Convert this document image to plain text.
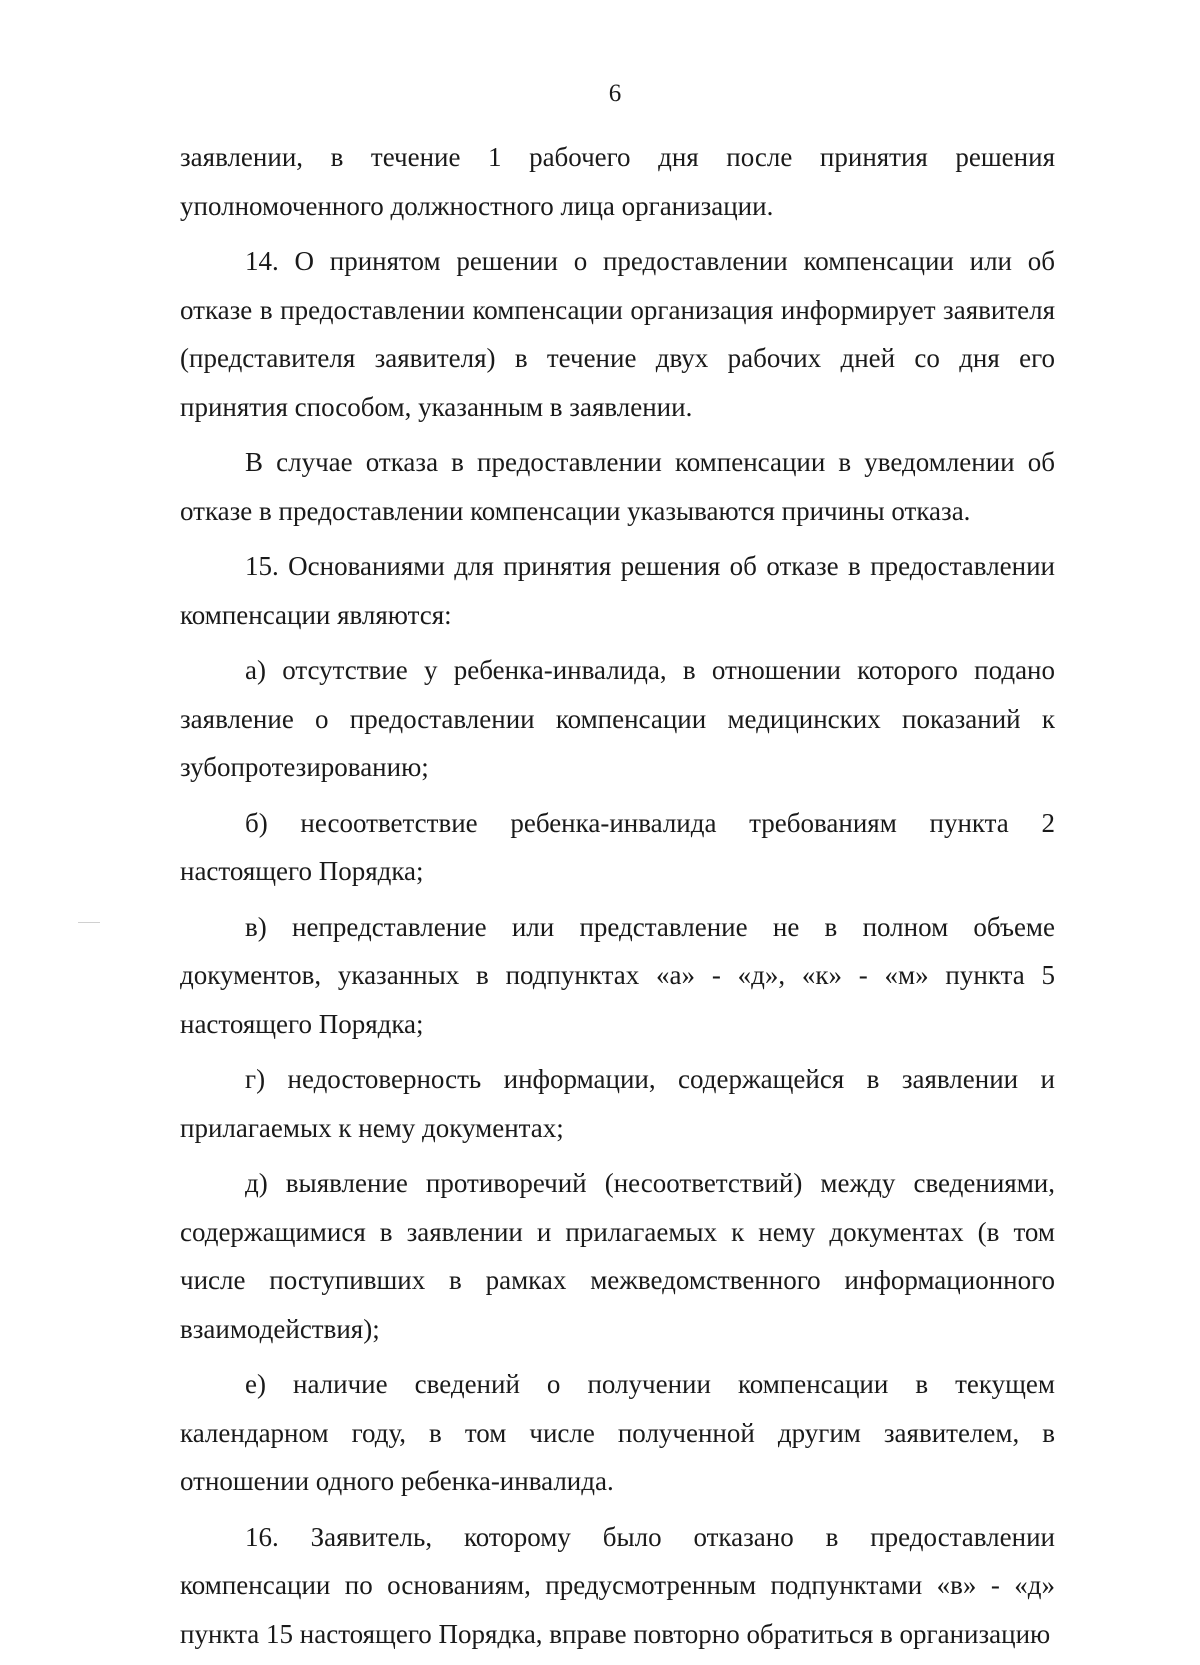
6

заявлении, в течение 1 рабочего дня после принятия решения уполномоченного должностного лица организации.

14. О принятом решении о предоставлении компенсации или об отказе в предоставлении компенсации организация информирует заявителя (представителя заявителя) в течение двух рабочих дней со дня его принятия способом, указанным в заявлении.

В случае отказа в предоставлении компенсации в уведомлении об отказе в предоставлении компенсации указываются причины отказа.

15. Основаниями для принятия решения об отказе в предоставлении компенсации являются:

а) отсутствие у ребенка-инвалида, в отношении которого подано заявление о предоставлении компенсации медицинских показаний к зубопротезированию;

б) несоответствие ребенка-инвалида требованиям пункта 2 настоящего Порядка;

в) непредставление или представление не в полном объеме документов, указанных в подпунктах «а» - «д», «к» - «м» пункта 5 настоящего Порядка;

г) недостоверность информации, содержащейся в заявлении и прилагаемых к нему документах;

д) выявление противоречий (несоответствий) между сведениями, содержащимися в заявлении и прилагаемых к нему документах (в том числе поступивших в рамках межведомственного информационного взаимодействия);

е) наличие сведений о получении компенсации в текущем календарном году, в том числе полученной другим заявителем, в отношении одного ребенка-инвалида.

16. Заявитель, которому было отказано в предоставлении компенсации по основаниям, предусмотренным подпунктами «в» - «д» пункта 15 настоящего Порядка, вправе повторно обратиться в организацию
